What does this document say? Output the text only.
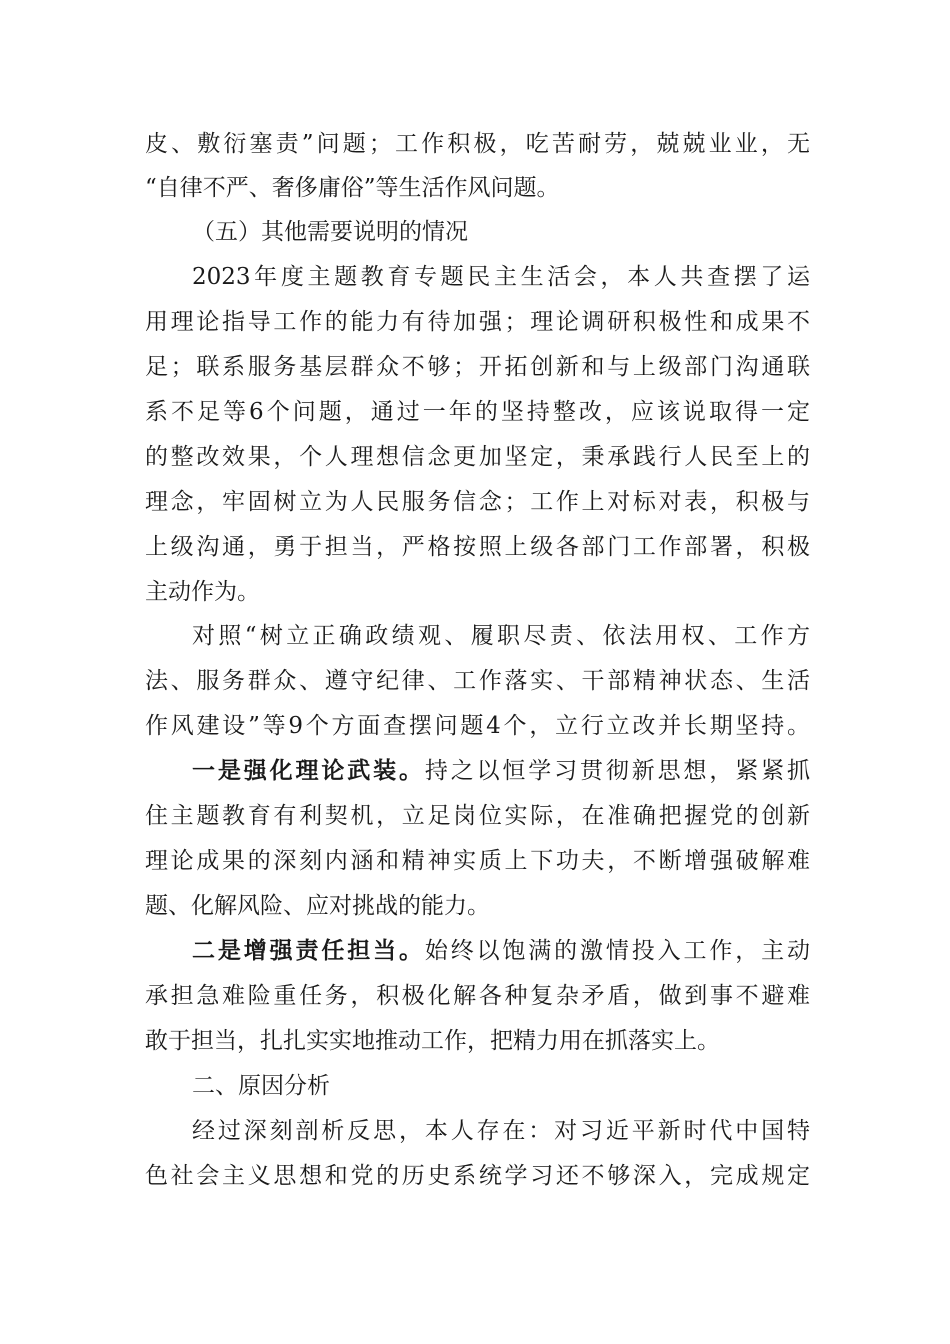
皮、敷衍塞责”问题；工作积极，吃苦耐劳，兢兢业业，无
“自律不严、奢侈庸俗”等生活作风问题。
（五）其他需要说明的情况
2023年度主题教育专题民主生活会，本人共查摆了运
用理论指导工作的能力有待加强；理论调研积极性和成果不
足；联系服务基层群众不够；开拓创新和与上级部门沟通联
系不足等6个问题，通过一年的坚持整改，应该说取得一定
的整改效果，个人理想信念更加坚定，秉承践行人民至上的
理念，牢固树立为人民服务信念；工作上对标对表，积极与
上级沟通，勇于担当，严格按照上级各部门工作部署，积极
主动作为。
对照“树立正确政绩观、履职尽责、依法用权、工作方
法、服务群众、遵守纪律、工作落实、干部精神状态、生活
作风建设”等9个方面查摆问题4个，立行立改并长期坚持。
一是强化理论武装。持之以恒学习贯彻新思想，紧紧抓
住主题教育有利契机，立足岗位实际，在准确把握党的创新
理论成果的深刻内涵和精神实质上下功夫，不断增强破解难
题、化解风险、应对挑战的能力。
二是增强责任担当。始终以饱满的激情投入工作，主动
承担急难险重任务，积极化解各种复杂矛盾，做到事不避难
敢于担当，扎扎实实地推动工作，把精力用在抓落实上。
二、原因分析
经过深刻剖析反思，本人存在：对习近平新时代中国特
色社会主义思想和党的历史系统学习还不够深入，完成规定
